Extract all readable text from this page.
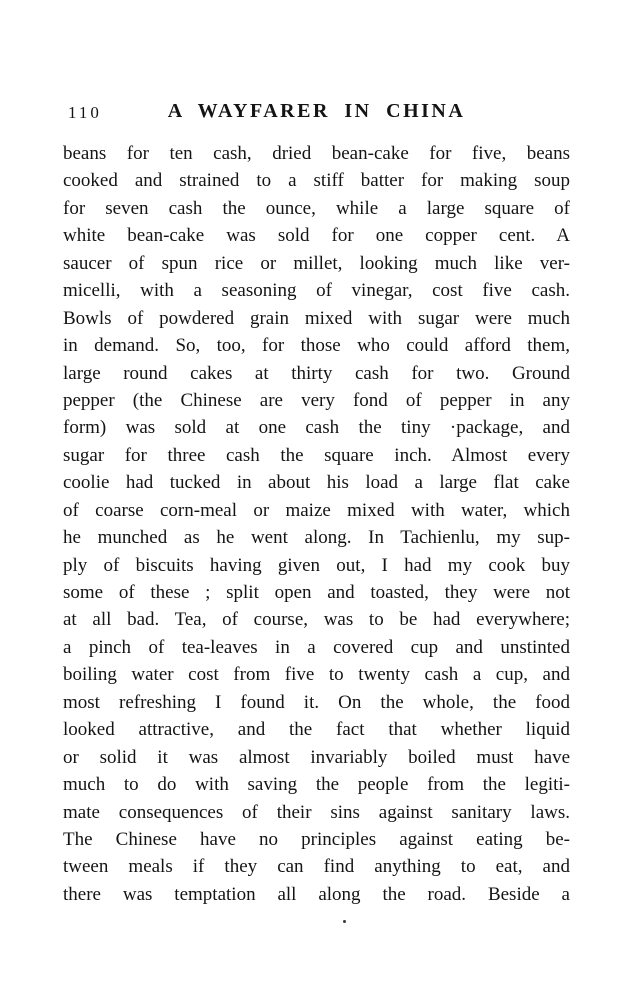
110	A WAYFARER IN CHINA
beans for ten cash, dried bean-cake for five, beans
cooked and strained to a stiff batter for making soup
for seven cash the ounce, while a large square of
white bean-cake was sold for one copper cent. A
saucer of spun rice or millet, looking much like ver-
micelli, with a seasoning of vinegar, cost five cash.
Bowls of powdered grain mixed with sugar were much
in demand. So, too, for those who could afford them,
large round cakes at thirty cash for two. Ground
pepper (the Chinese are very fond of pepper in any
form) was sold at one cash the tiny ·package, and
sugar for three cash the square inch. Almost every
coolie had tucked in about his load a large flat cake
of coarse corn-meal or maize mixed with water, which
he munched as he went along. In Tachienlu, my sup-
ply of biscuits having given out, I had my cook buy
some of these ; split open and toasted, they were not
at all bad. Tea, of course, was to be had everywhere;
a pinch of tea-leaves in a covered cup and unstinted
boiling water cost from five to twenty cash a cup, and
most refreshing I found it. On the whole, the food
looked attractive, and the fact that whether liquid
or solid it was almost invariably boiled must have
much to do with saving the people from the legiti-
mate consequences of their sins against sanitary laws.
The Chinese have no principles against eating be-
tween meals if they can find anything to eat, and
there was temptation all along the road. Beside a
